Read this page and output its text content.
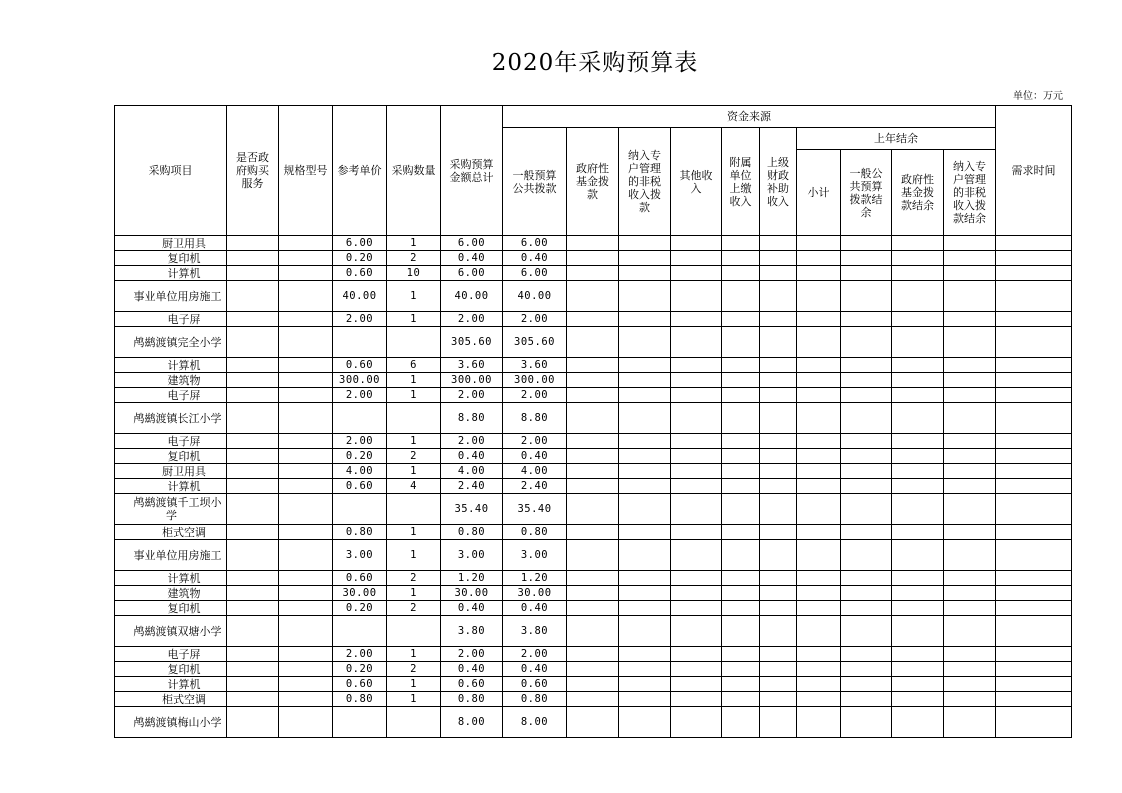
2020年采购预算表
单位：万元
采购项目	是否政府购买服务	规格型号	参考单价	采购数量	采购预算金额总计	资金来源										需求时间
						一般预算公共拨款	政府性基金拨款	纳入专户管理的非税收入拨款	其他收入	附属单位上缴收入	上级财政补助收入	上年结余				
												小计	一般公共预算拨款结余	政府性基金拨款结余	纳入专户管理的非税收入拨款结余	
厨卫用具			6.00	1	6.00	6.00										
复印机			0.20	2	0.40	0.40										
计算机			0.60	10	6.00	6.00										
事业单位用房施工			40.00	1	40.00	40.00										
电子屏			2.00	1	2.00	2.00										
鸬鹚渡镇完全小学					305.60	305.60										
计算机			0.60	6	3.60	3.60										
建筑物			300.00	1	300.00	300.00										
电子屏			2.00	1	2.00	2.00										
鸬鹚渡镇长江小学					8.80	8.80										
电子屏			2.00	1	2.00	2.00										
复印机			0.20	2	0.40	0.40										
厨卫用具			4.00	1	4.00	4.00										
计算机			0.60	4	2.40	2.40										
鸬鹚渡镇千工坝小学					35.40	35.40										
柜式空调			0.80	1	0.80	0.80										
事业单位用房施工			3.00	1	3.00	3.00										
计算机			0.60	2	1.20	1.20										
建筑物			30.00	1	30.00	30.00										
复印机			0.20	2	0.40	0.40										
鸬鹚渡镇双塘小学					3.80	3.80										
电子屏			2.00	1	2.00	2.00										
复印机			0.20	2	0.40	0.40										
计算机			0.60	1	0.60	0.60										
柜式空调			0.80	1	0.80	0.80										
鸬鹚渡镇梅山小学					8.00	8.00										
